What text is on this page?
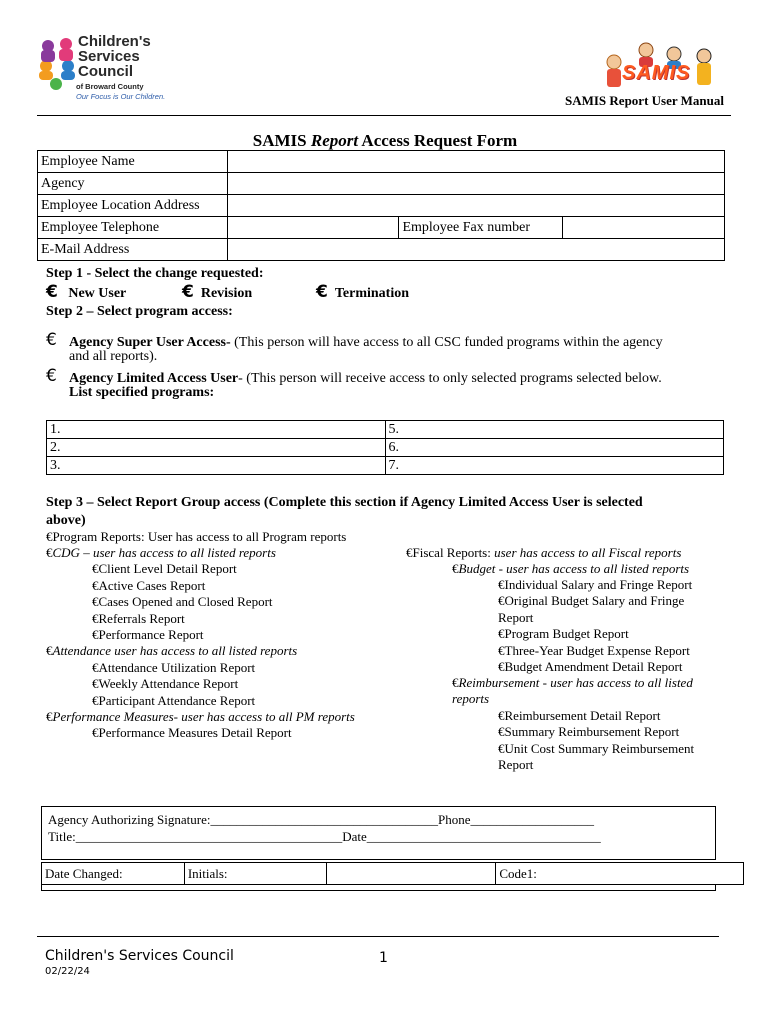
Children's
Services
Council
of Broward County
Our Focus is Our Children.
SAMIS
SAMIS Report User Manual
SAMIS Report Access Request Form
Employee Name			
Agency			
Employee Location Address			
Employee Telephone		Employee Fax number	
E-Mail Address			
Step 1 - Select the change requested:
€ New User	€ Revision	€ Termination
Step 2 – Select program access:
€ Agency Super User Access- (This person will have access to all CSC funded programs within the agency
and all reports).
€ Agency Limited Access User- (This person will receive access to only selected programs selected below.
List specified programs:
1.	5.
2.	6.
3.	7.
Step 3 – Select Report Group access (Complete this section if Agency Limited Access User is selected
above)
€Program Reports: User has access to all Program reports
€CDG – user has access to all listed reports
€Client Level Detail Report
€Active Cases Report
€Cases Opened and Closed Report
€Referrals Report
€Performance Report
€Attendance user has access to all listed reports
€Attendance Utilization Report
€Weekly Attendance Report
€Participant Attendance Report
€Performance Measures- user has access to all PM reports
€Performance Measures Detail Report
€Fiscal Reports: user has access to all Fiscal reports
€Budget - user has access to all listed reports
€Individual Salary and Fringe Report
€Original Budget Salary and Fringe
Report
€Program Budget Report
€Three-Year Budget Expense Report
€Budget Amendment Detail Report
€Reimbursement - user has access to all listed
reports
€Reimbursement Detail Report
€Summary Reimbursement Report
€Unit Cost Summary Reimbursement
Report
Agency Authorizing Signature:___________________________________Phone___________________
Title:_________________________________________Date____________________________________
Date Changed:	Initials:		Code1:
Children's Services Council
02/22/24
1
